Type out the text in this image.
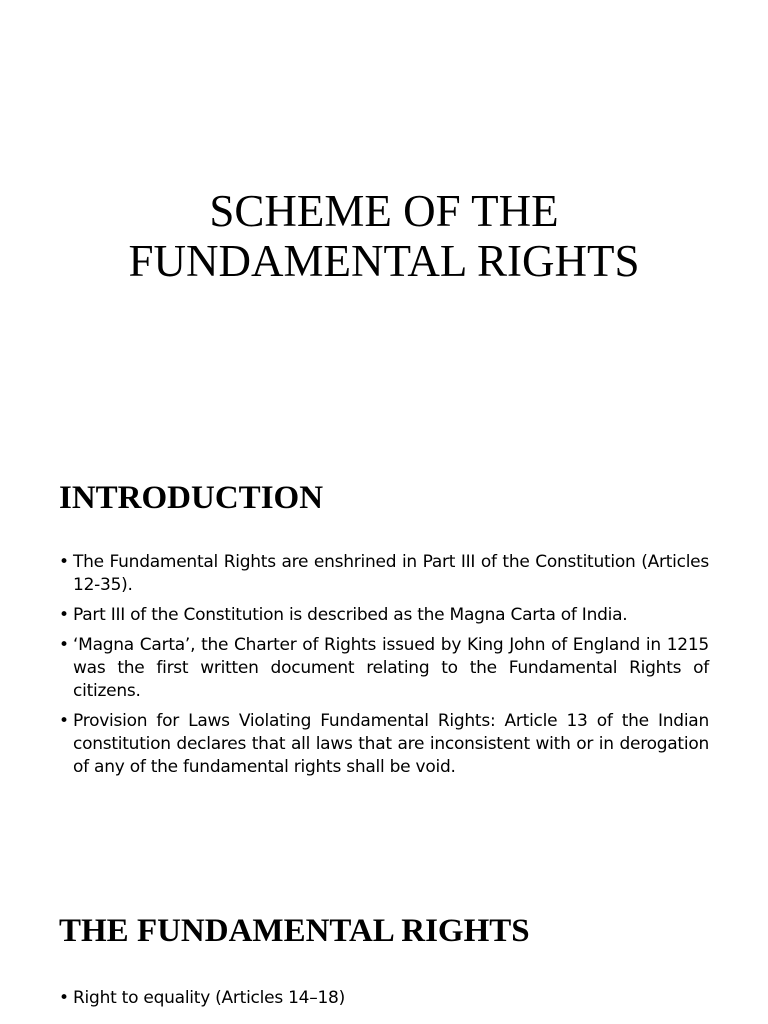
SCHEME OF THE
FUNDAMENTAL RIGHTS
INTRODUCTION
• The Fundamental Rights are enshrined in Part III of the Constitution (Articles 12-35).
• Part III of the Constitution is described as the Magna Carta of India.
• ‘Magna Carta’, the Charter of Rights issued by King John of England in 1215 was the first written document relating to the Fundamental Rights of citizens.
• Provision for Laws Violating Fundamental Rights: Article 13 of the Indian constitution declares that all laws that are inconsistent with or in derogation of any of the fundamental rights shall be void.
THE FUNDAMENTAL RIGHTS
• Right to equality (Articles 14–18)
